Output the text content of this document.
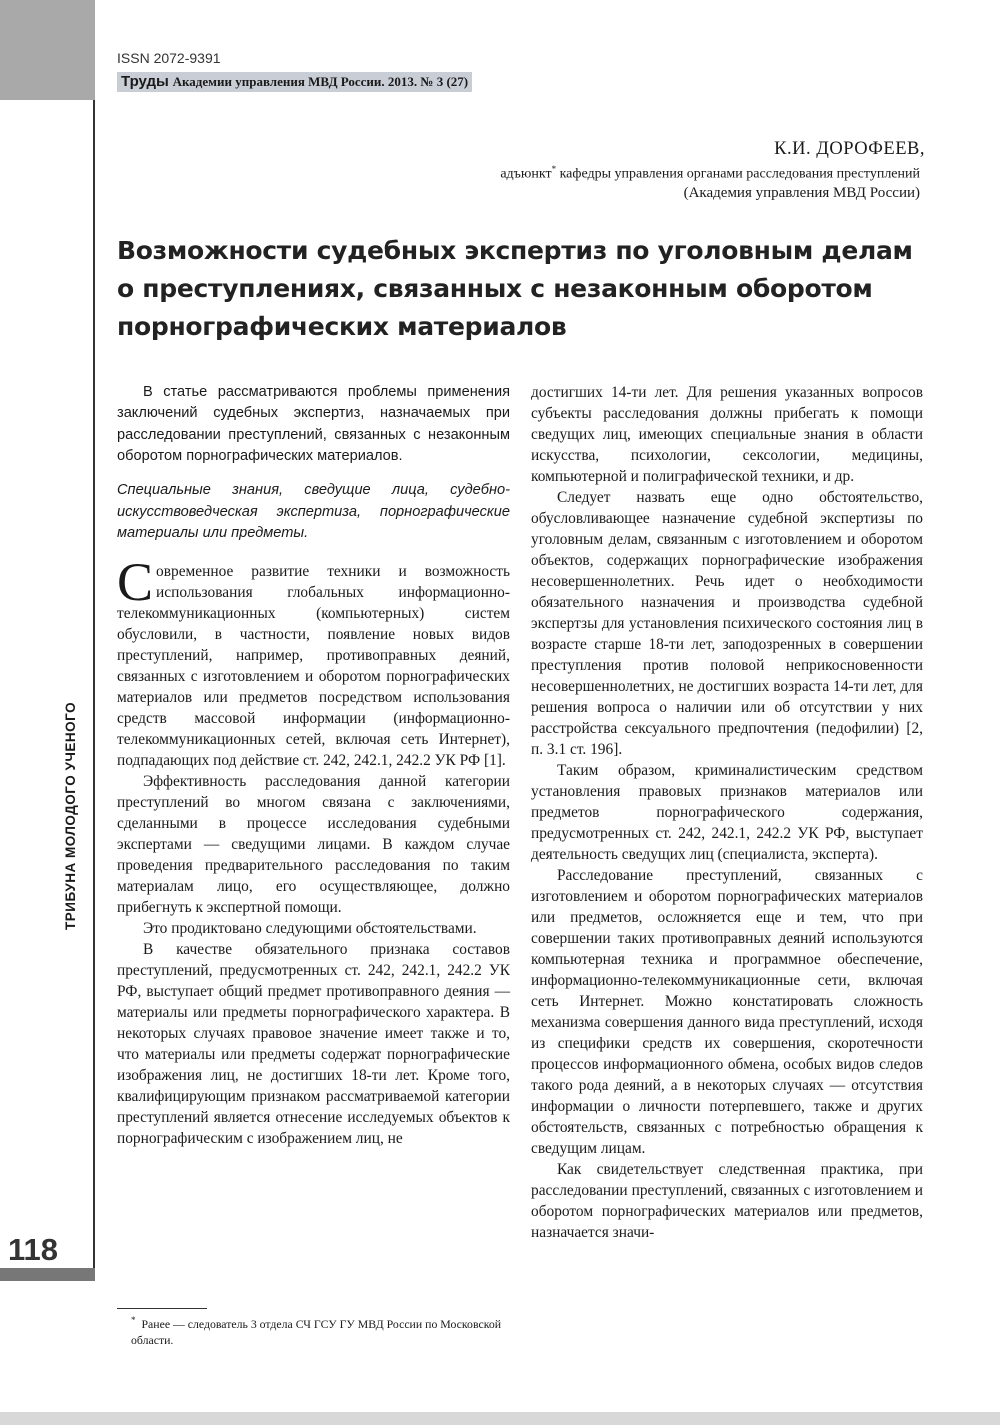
ISSN 2072-9391
Труды Академии управления МВД России. 2013. № 3 (27)
ТРИБУНА МОЛОДОГО УЧЕНОГО
118
К.И. ДОРОФЕЕВ,
адъюнкт* кафедры управления органами расследования преступлений
(Академия управления МВД России)
Возможности судебных экспертиз по уголовным делам о преступлениях, связанных с незаконным оборотом порнографических материалов

В статье рассматриваются проблемы применения заключений судебных экспертиз, назначаемых при расследовании преступлений, связанных с незаконным оборотом порнографических материалов.

Специальные знания, сведущие лица, судебно-искусствоведческая экспертиза, порнографические материалы или предметы.

Современное развитие техники и возможность использования глобальных информационно-телекоммуникационных (компьютерных) систем обусловили, в частности, появление новых видов преступлений, например, противоправных деяний, связанных с изготовлением и оборотом порнографических материалов или предметов посредством использования средств массовой информации (информационно-телекоммуникационных сетей, включая сеть Интернет), подпадающих под действие ст. 242, 242.1, 242.2 УК РФ [1].

Эффективность расследования данной категории преступлений во многом связана с заключениями, сделанными в процессе исследования судебными экспертами — сведущими лицами. В каждом случае проведения предварительного расследования по таким материалам лицо, его осуществляющее, должно прибегнуть к экспертной помощи.

Это продиктовано следующими обстоятельствами.

В качестве обязательного признака составов преступлений, предусмотренных ст. 242, 242.1, 242.2 УК РФ, выступает общий предмет противоправного деяния — материалы или предметы порнографического характера. В некоторых случаях правовое значение имеет также и то, что материалы или предметы содержат порнографические изображения лиц, не достигших 18-ти лет. Кроме того, квалифицирующим признаком рассматриваемой категории преступлений является отнесение исследуемых объектов к порнографическим с изображением лиц, не

достигших 14-ти лет. Для решения указанных вопросов субъекты расследования должны прибегать к помощи сведущих лиц, имеющих специальные знания в области искусства, психологии, сексологии, медицины, компьютерной и полиграфической техники, и др.

Следует назвать еще одно обстоятельство, обусловливающее назначение судебной экспертизы по уголовным делам, связанным с изготовлением и оборотом объектов, содержащих порнографические изображения несовершеннолетних. Речь идет о необходимости обязательного назначения и производства судебной экспертзы для установления психического состояния лиц в возрасте старше 18-ти лет, заподозренных в совершении преступления против половой неприкосновенности несовершеннолетних, не достигших возраста 14-ти лет, для решения вопроса о наличии или об отсутствии у них расстройства сексуального предпочтения (педофилии) [2, п. 3.1 ст. 196].

Таким образом, криминалистическим средством установления правовых признаков материалов или предметов порнографического содержания, предусмотренных ст. 242, 242.1, 242.2 УК РФ, выступает деятельность сведущих лиц (специалиста, эксперта).

Расследование преступлений, связанных с изготовлением и оборотом порнографических материалов или предметов, осложняется еще и тем, что при совершении таких противоправных деяний используются компьютерная техника и программное обеспечение, информационно-телекоммуникационные сети, включая сеть Интернет. Можно констатировать сложность механизма совершения данного вида преступлений, исходя из специфики средств их совершения, скоротечности процессов информационного обмена, особых видов следов такого рода деяний, а в некоторых случаях — отсутствия информации о личности потерпевшего, также и других обстоятельств, связанных с потребностью обращения к сведущим лицам.

Как свидетельствует следственная практика, при расследовании преступлений, связанных с изготовлением и оборотом порнографических материалов или предметов, назначается значи-

* Ранее — следователь 3 отдела СЧ ГСУ ГУ МВД России по Московской области.
